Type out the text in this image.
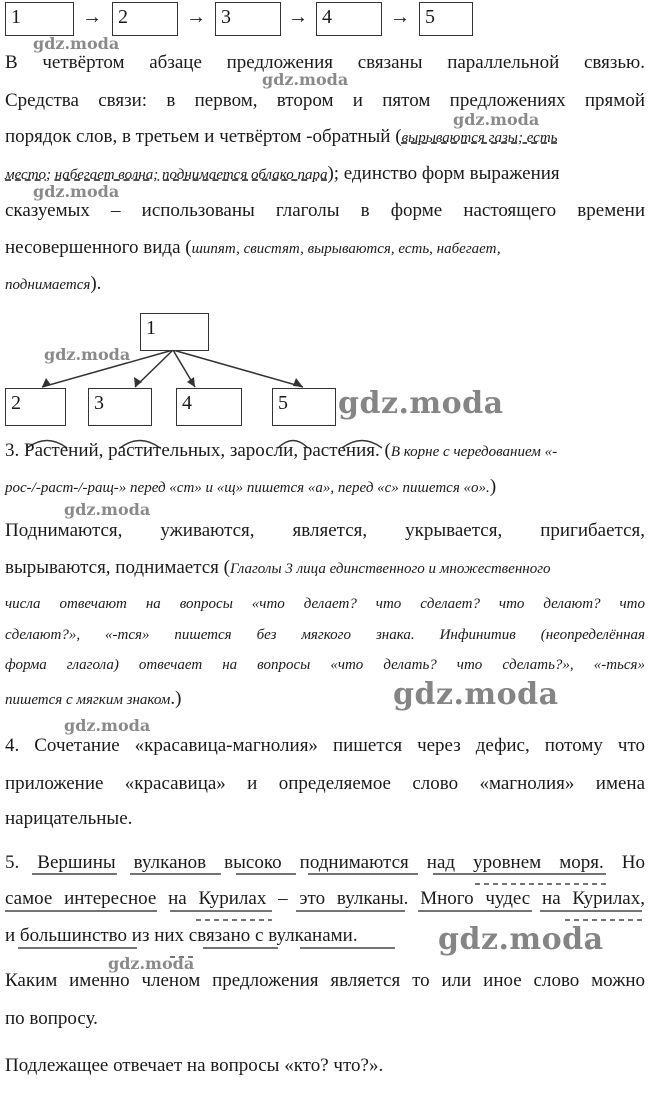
1	→ 2	→ 3	→ 4	→ 5
В четвёртом абзаце предложения связаны параллельной связью.
Средства связи: в первом, втором и пятом предложениях прямой
порядок слов, в третьем и четвёртом -обратный (вырываются газы; есть
место; набегает волна; поднимается облако пара); единство форм выражения
сказуемых – использованы глаголы в форме настоящего времени
несовершенного вида (шипят, свистят, вырываются, есть, набегает,
поднимается).
1
2	3	4	5
3. Растений, растительных, заросли, растения. (В корне с чередованием «-
рос-/-раст-/-ращ-» перед «ст» и «щ» пишется «а», перед «с» пишется «о».)
Поднимаются, уживаются, является, укрывается, пригибается,
вырываются, поднимается (Глаголы 3 лица единственного и множественного
числа отвечают на вопросы «что делает? что сделает? что делают? что
сделают?», «-тся» пишется без мягкого знака. Инфинитив (неопределённая
форма глагола) отвечает на вопросы «что делать? что сделать?», «-ться»
пишется с мягким знаком.)
4. Сочетание «красавица-магнолия» пишется через дефис, потому что
приложение «красавица» и определяемое слово «магнолия» имена
нарицательные.
5. Вершины вулканов высоко поднимаются над уровнем моря. Но
самое интересное на Курилах – это вулканы. Много чудес на Курилах,
и большинство из них связано с вулканами.
Каким именно членом предложения является то или иное слово можно
по вопросу.
Подлежащее отвечает на вопросы «кто? что?».
gdz.moda
gdz.moda
gdz.moda
gdz.moda
gdz.moda
gdz.moda
gdz.moda
gdz.moda
gdz.moda
gdz.moda
gdz.moda
